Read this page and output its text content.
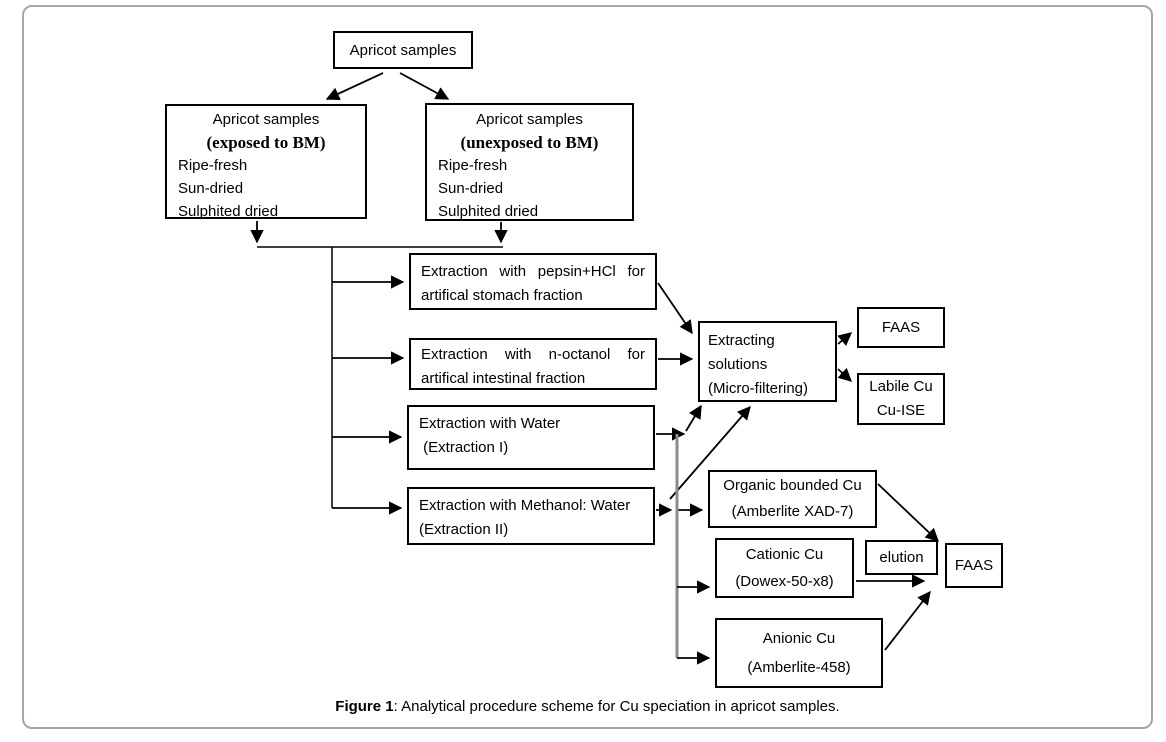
Apricot samples
Apricot samples
(exposed to BM)
Ripe-fresh
Sun-dried
Sulphited dried
Apricot samples
(unexposed to BM)
Ripe-fresh
Sun-dried
Sulphited dried
Extraction with pepsin+HCl for
artifical stomach fraction
Extraction with n-octanol for
artifical intestinal fraction
Extraction with Water
(Extraction I)
Extraction with Methanol: Water
(Extraction II)
Extracting
solutions
(Micro-filtering)
FAAS
Labile Cu
Cu-ISE
Organic bounded Cu
(Amberlite XAD-7)
Cationic Cu
(Dowex-50-x8)
elution FAAS
Anionic Cu
(Amberlite-458)
Figure 1: Analytical procedure scheme for Cu speciation in apricot samples.
